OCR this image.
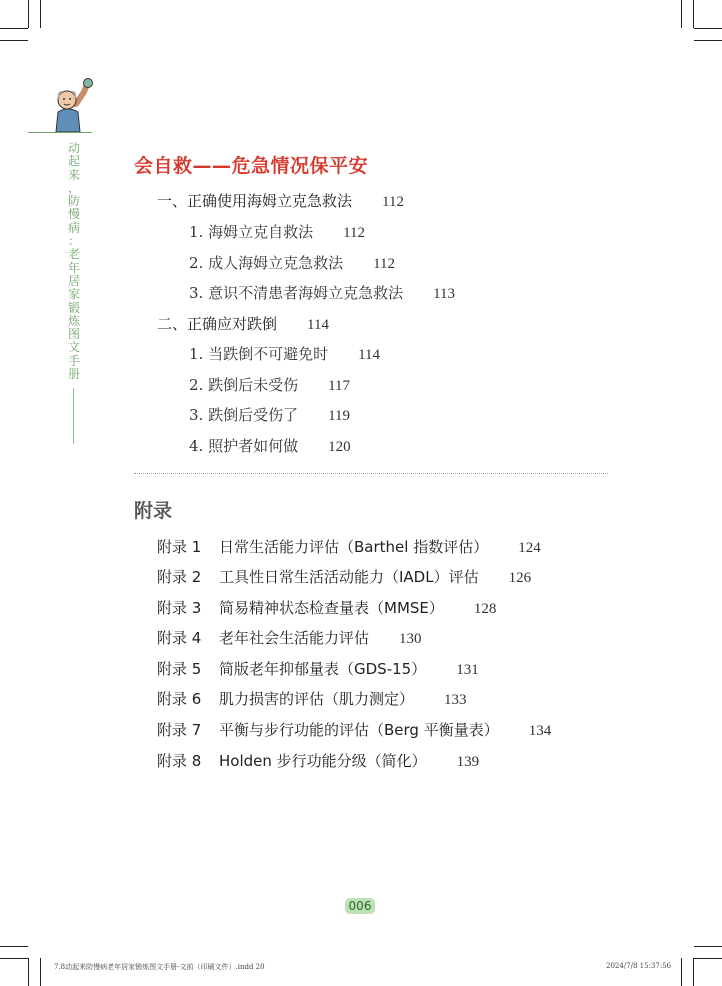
动
起
来
，
防
慢
病
：
老
年
居
家
锻
炼
图
文
手
册
会自救——危急情况保平安
一、正确使用海姆立克急救法 112
1. 海姆立克自救法 112
2. 成人海姆立克急救法 112
3. 意识不清患者海姆立克急救法 113
二、正确应对跌倒 114
1. 当跌倒不可避免时 114
2. 跌倒后未受伤 117
3. 跌倒后受伤了 119
4. 照护者如何做 120
附录
附录 1	日常生活能力评估（Barthel 指数评估） 124
附录 2	工具性日常生活活动能力（IADL）评估 126
附录 3	简易精神状态检查量表（MMSE） 128
附录 4	老年社会生活能力评估 130
附录 5	简版老年抑郁量表（GDS-15） 131
附录 6	肌力损害的评估（肌力测定） 133
附录 7	平衡与步行功能的评估（Berg 平衡量表） 134
附录 8	Holden 步行功能分级（简化） 139
006
7.8动起来防慢病老年居家锻炼图文手册-文前（印刷文件）.indd 20	2024/7/8 15:37:56
